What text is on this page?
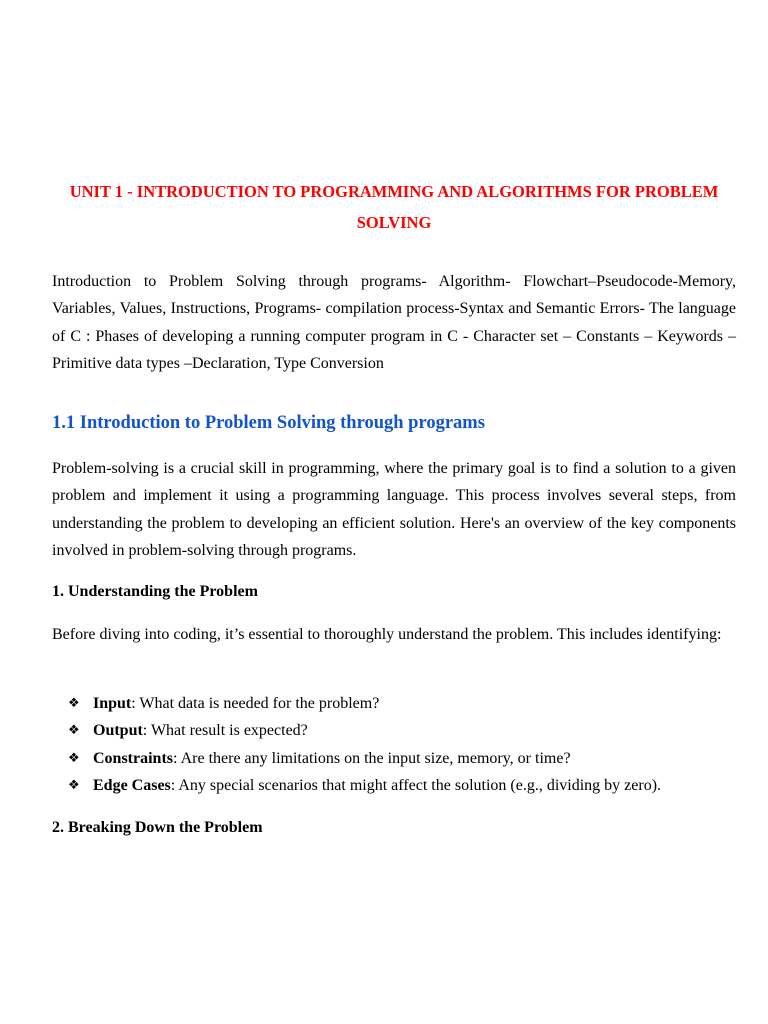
UNIT 1 - INTRODUCTION TO PROGRAMMING AND ALGORITHMS FOR PROBLEM SOLVING

Introduction to Problem Solving through programs- Algorithm- Flowchart–Pseudocode-Memory, Variables, Values, Instructions, Programs- compilation process-Syntax and Semantic Errors- The language of C : Phases of developing a running computer program in C - Character set – Constants – Keywords – Primitive data types –Declaration, Type Conversion

1.1 Introduction to Problem Solving through programs

Problem-solving is a crucial skill in programming, where the primary goal is to find a solution to a given problem and implement it using a programming language. This process involves several steps, from understanding the problem to developing an efficient solution. Here's an overview of the key components involved in problem-solving through programs.

1. Understanding the Problem

Before diving into coding, it’s essential to thoroughly understand the problem. This includes identifying:

❖ Input: What data is needed for the problem?
❖ Output: What result is expected?
❖ Constraints: Are there any limitations on the input size, memory, or time?
❖ Edge Cases: Any special scenarios that might affect the solution (e.g., dividing by zero).
2. Breaking Down the Problem
